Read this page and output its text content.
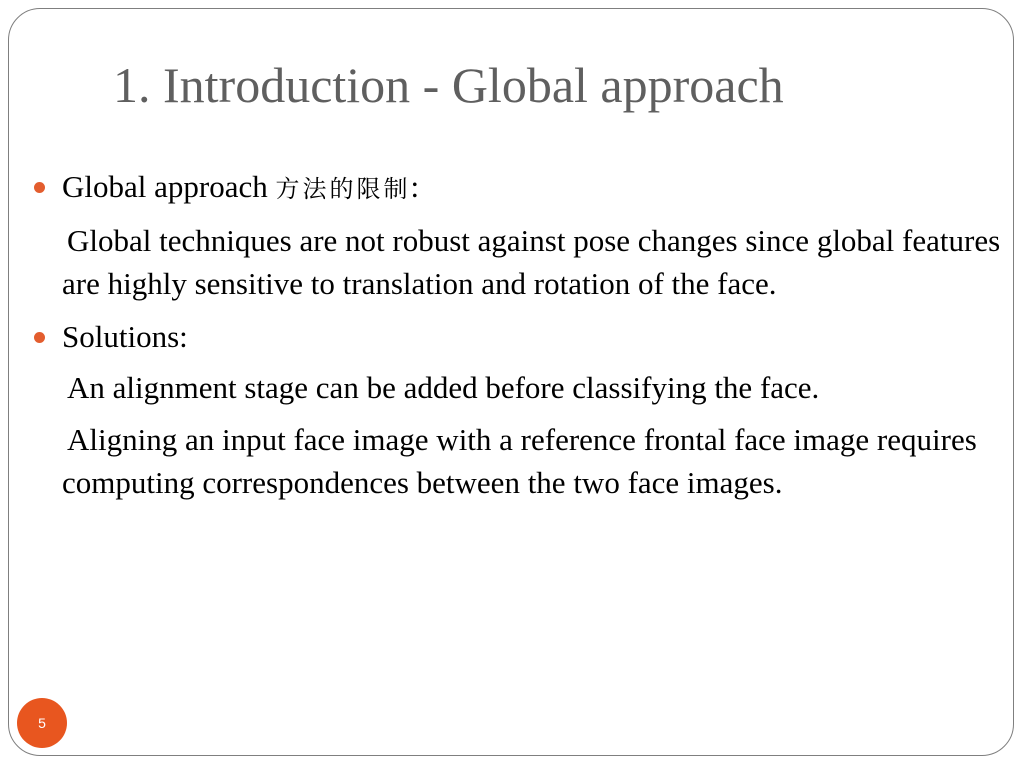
1. Introduction - Global approach
Global approach 方法的限制:

Global techniques are not robust against pose changes since global features are highly sensitive to translation and rotation of the face.

Solutions:

An alignment stage can be added before classifying the face.

Aligning an input face image with a reference frontal face image requires computing correspondences between the two face images.

5
